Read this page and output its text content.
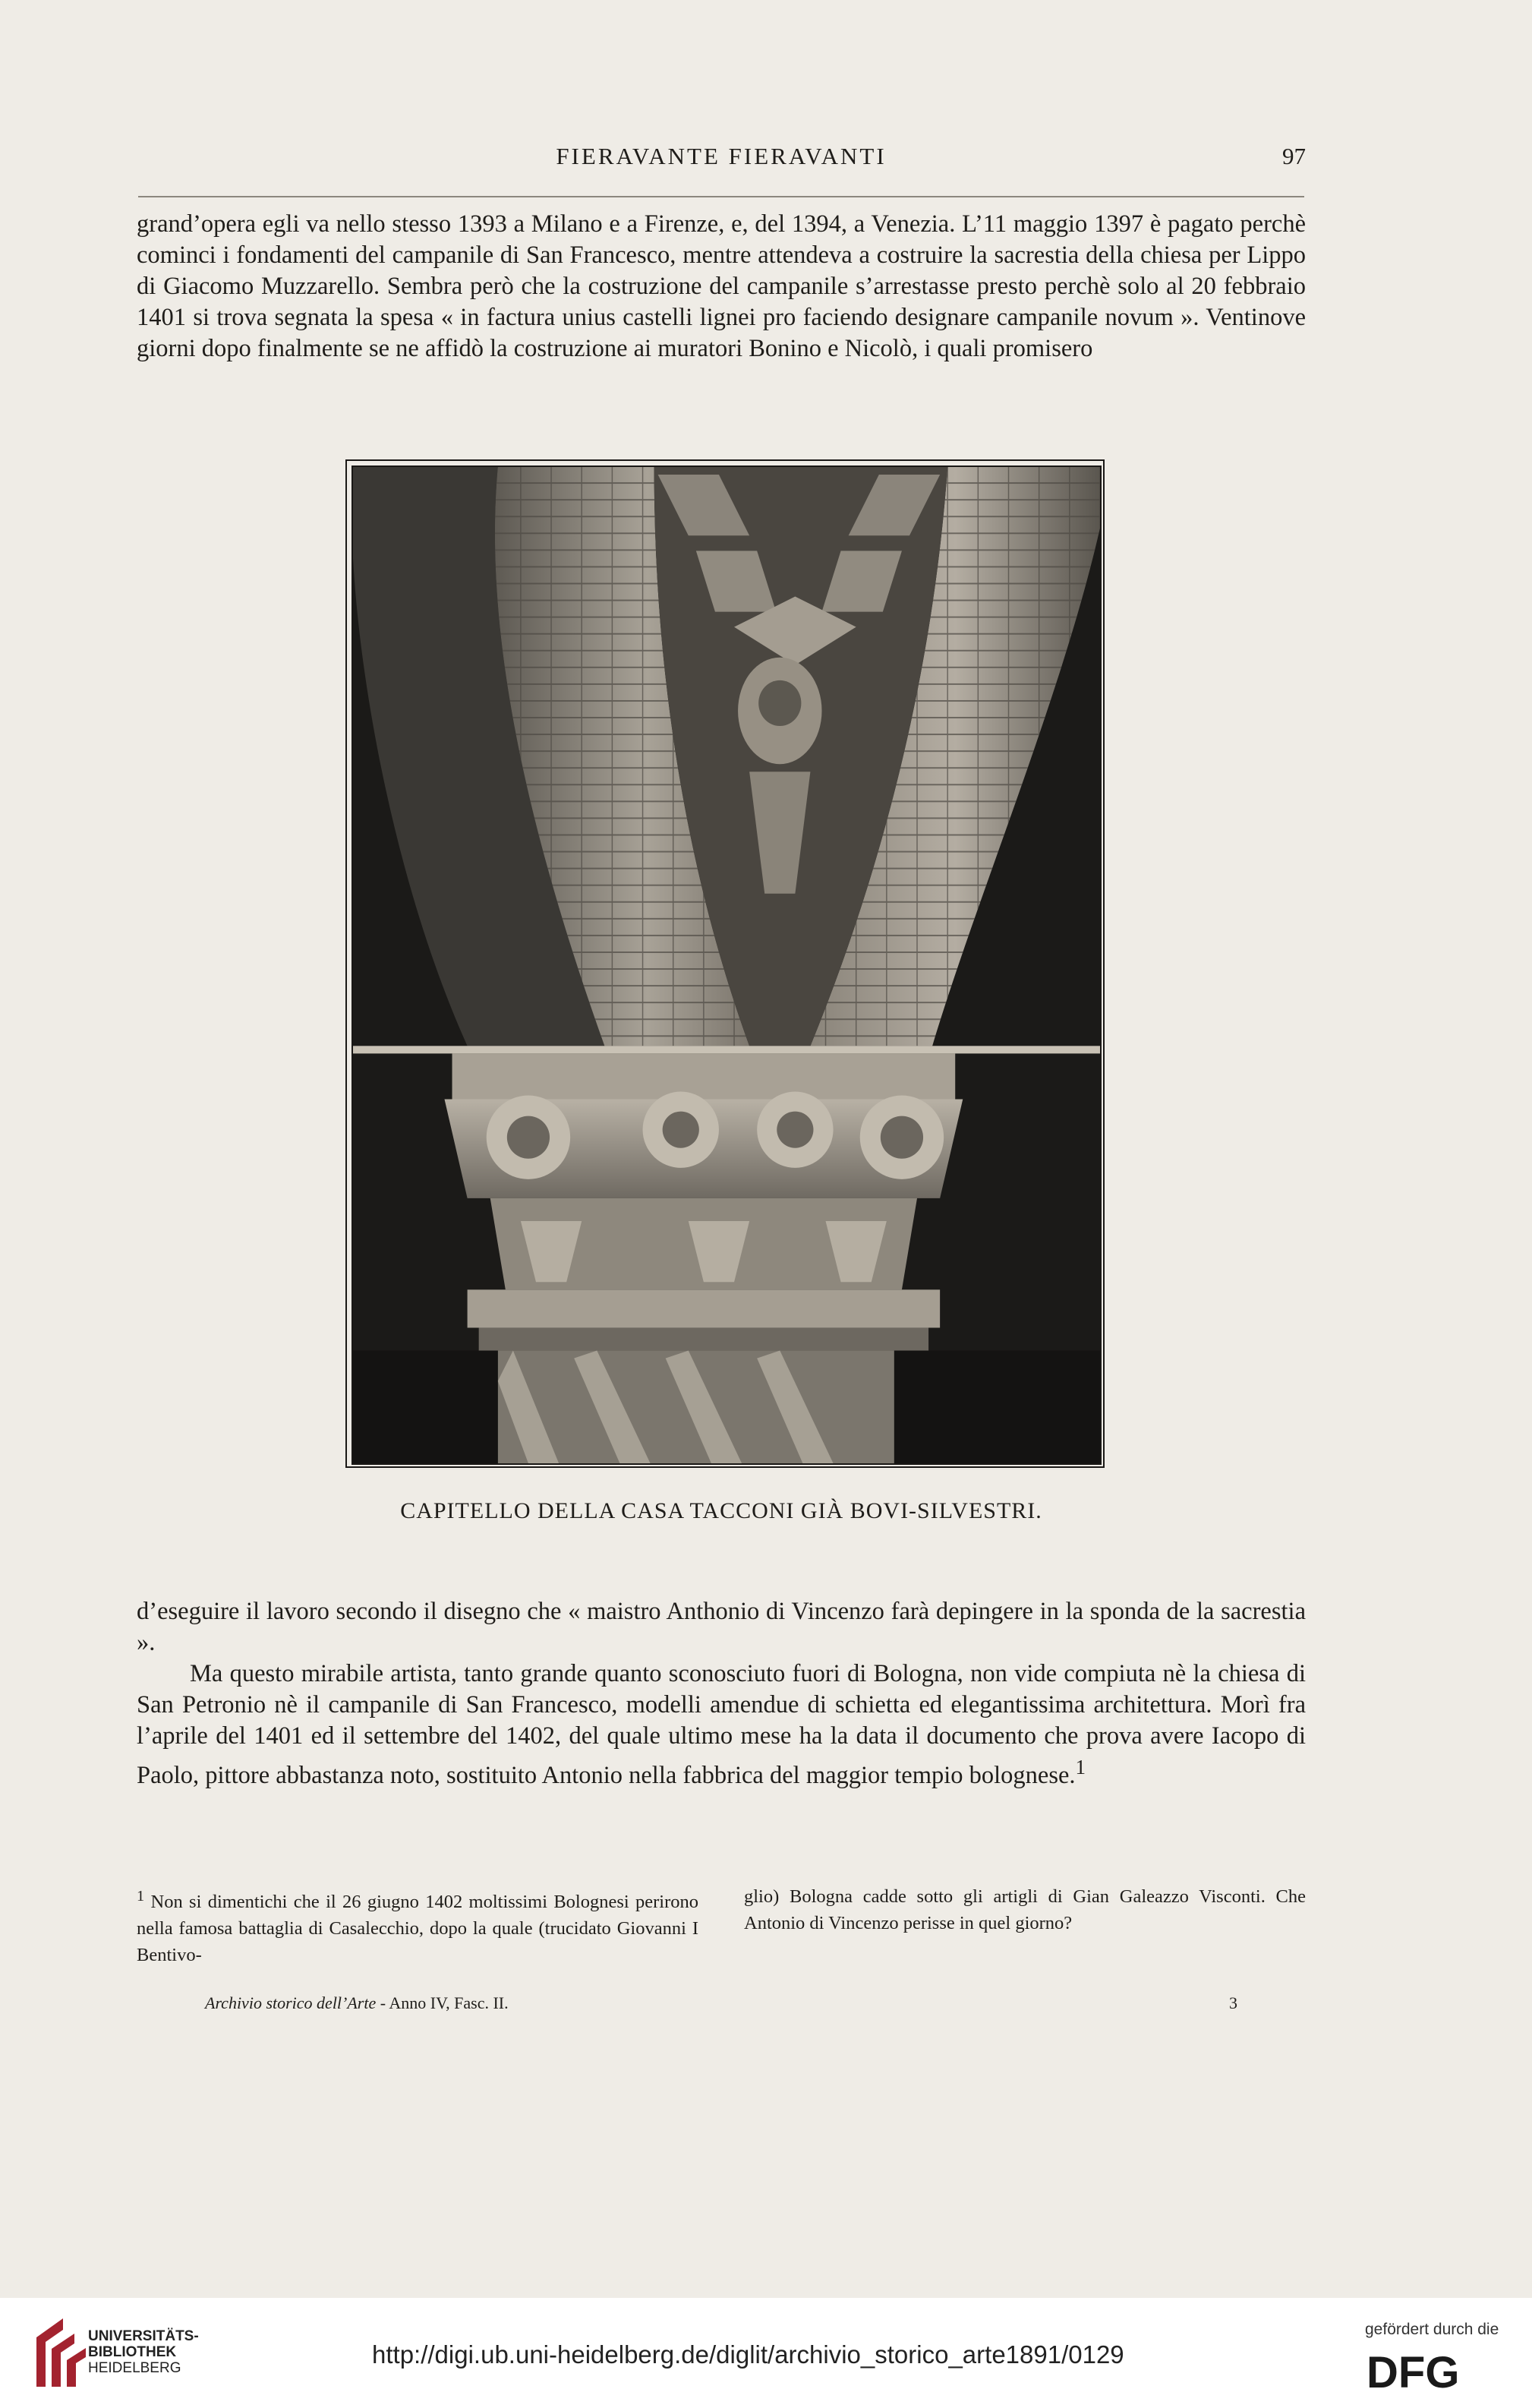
FIERAVANTE FIERAVANTI	97

grand’opera egli va nello stesso 1393 a Milano e a Firenze, e, del 1394, a Venezia. L’11 maggio 1397 è pagato perchè cominci i fondamenti del campanile di San Francesco, mentre attendeva a costruire la sacrestia della chiesa per Lippo di Giacomo Muzzarello. Sembra però che la costruzione del campanile s’arrestasse presto perchè solo al 20 febbraio 1401 si trova segnata la spesa « in factura unius castelli lignei pro faciendo designare campanile novum ». Ventinove giorni dopo finalmente se ne affidò la costruzione ai muratori Bonino e Nicolò, i quali promisero

CAPITELLO DELLA CASA TACCONI GIÀ BOVI-SILVESTRI.

d’eseguire il lavoro secondo il disegno che « maistro Anthonio di Vincenzo farà depingere in la sponda de la sacrestia ».

Ma questo mirabile artista, tanto grande quanto sconosciuto fuori di Bologna, non vide compiuta nè la chiesa di San Petronio nè il campanile di San Francesco, modelli amendue di schietta ed elegantissima architettura. Morì fra l’aprile del 1401 ed il settembre del 1402, del quale ultimo mese ha la data il documento che prova avere Iacopo di Paolo, pittore abbastanza noto, sostituito Antonio nella fabbrica del maggior tempio bolognese.$^1$

$^1$ Non si dimentichi che il 26 giugno 1402 moltissimi Bolognesi perirono nella famosa battaglia di Casalecchio, dopo la quale (trucidato Giovanni I Bentivo-

glio) Bologna cadde sotto gli artigli di Gian Galeazzo Visconti. Che Antonio di Vincenzo perisse in quel giorno?

Archivio storico dell’Arte - Anno IV, Fasc. II.	3
UNIVERSITÄTS-
BIBLIOTHEK
HEIDELBERG	http://digi.ub.uni-heidelberg.de/diglit/archivio_storico_arte1891/0129
gefördert durch die
DFG
